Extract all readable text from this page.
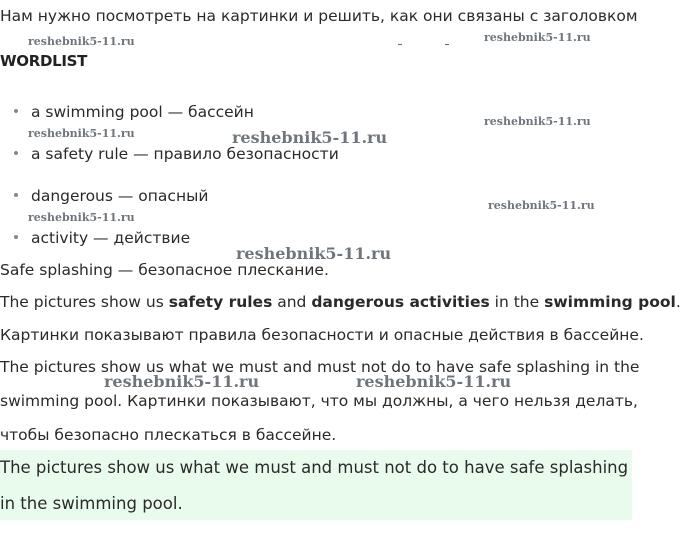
Нам нужно посмотреть на картинки и решить, как они связаны с заголовком
reshebnik5-11.ru	reshebnik5-11.ru
WORDLIST
a swimming pool — бассейн
reshebnik5-11.ru	reshebnik5-11.ru
reshebnik5-11.ru
a safety rule — правило безопасности
dangerous — опасный
reshebnik5-11.ru
reshebnik5-11.ru
activity — действие
reshebnik5-11.ru
Safe splashing — безопасное плескание.
The pictures show us safety rules and dangerous activities in the swimming pool.
Картинки показывают правила безопасности и опасные действия в бассейне.
The pictures show us what we must and must not do to have safe splashing in the
reshebnik5-11.ru	reshebnik5-11.ru
swimming pool. Картинки показывают, что мы должны, а чего нельзя делать,
чтобы безопасно плескаться в бассейне.
The pictures show us what we must and must not do to have safe splashing
in the swimming pool.
